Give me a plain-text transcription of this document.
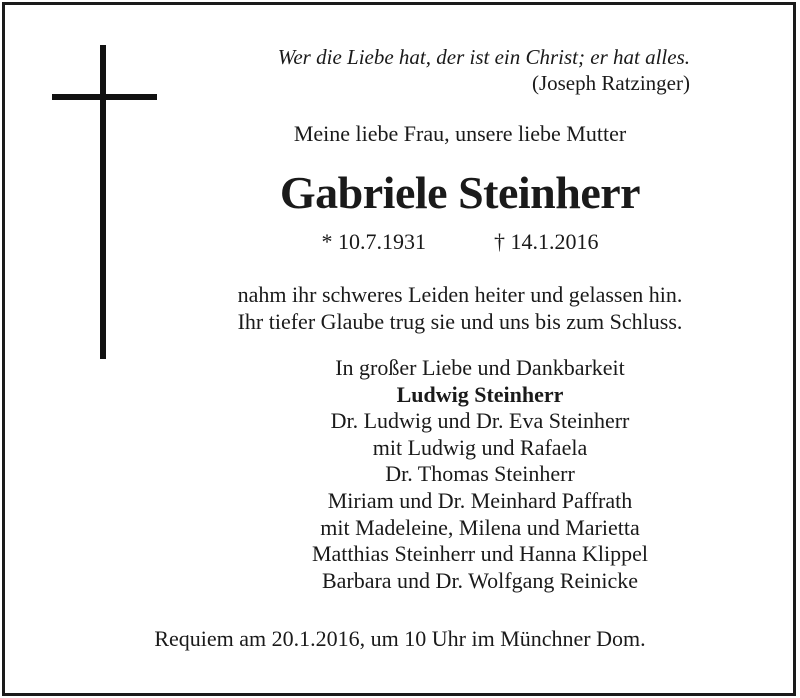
Wer die Liebe hat, der ist ein Christ; er hat alles.
(Joseph Ratzinger)
Meine liebe Frau, unsere liebe Mutter
Gabriele Steinherr
* 10.7.1931	† 14.1.2016
nahm ihr schweres Leiden heiter und gelassen hin.
Ihr tiefer Glaube trug sie und uns bis zum Schluss.
In großer Liebe und Dankbarkeit
Ludwig Steinherr
Dr. Ludwig und Dr. Eva Steinherr
mit Ludwig und Rafaela
Dr. Thomas Steinherr
Miriam und Dr. Meinhard Paffrath
mit Madeleine, Milena und Marietta
Matthias Steinherr und Hanna Klippel
Barbara und Dr. Wolfgang Reinicke
Requiem am 20.1.2016, um 10 Uhr im Münchner Dom.
